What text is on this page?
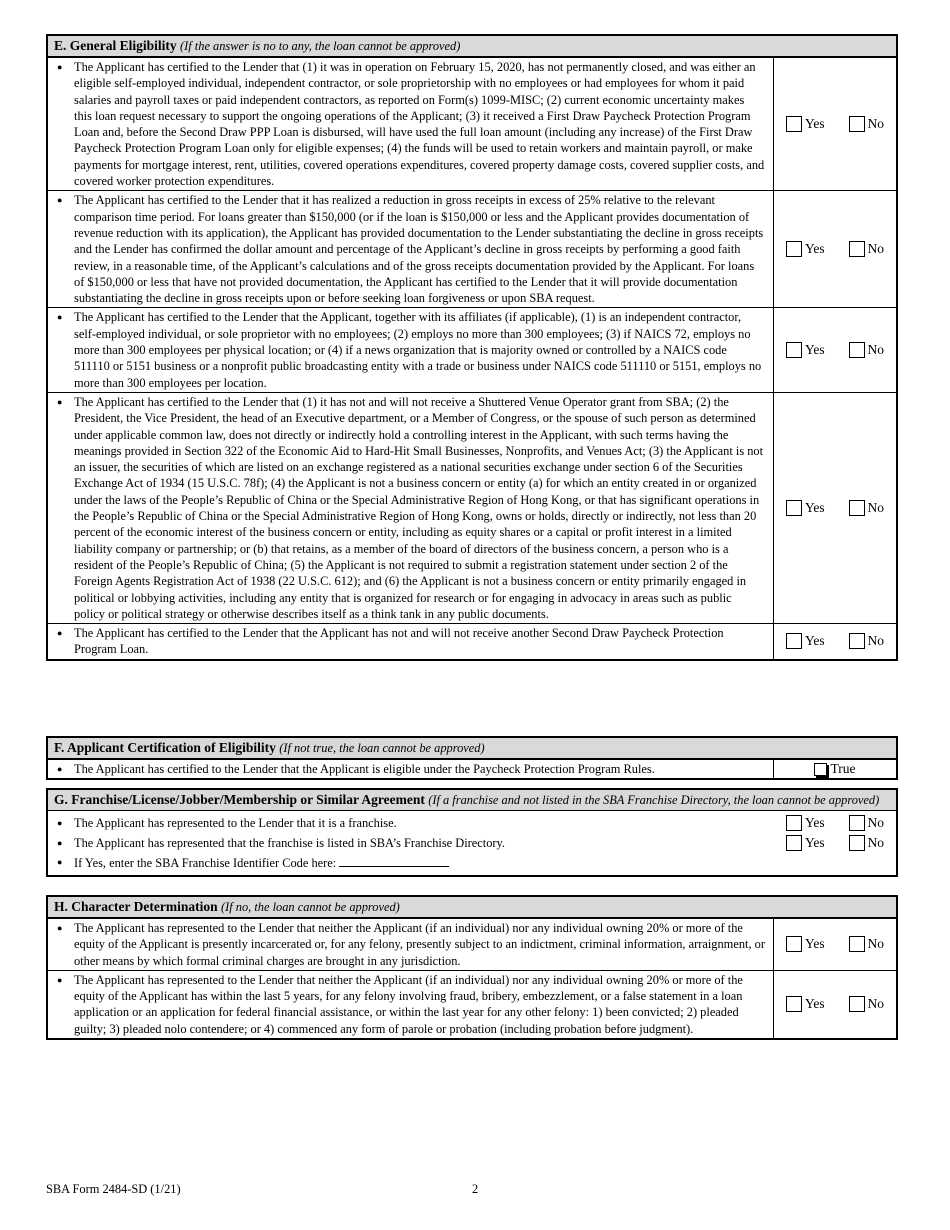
E. General Eligibility (If the answer is no to any, the loan cannot be approved)
● The Applicant has certified to the Lender that (1) it was in operation on February 15, 2020, has not permanently closed, and was either an eligible self-employed individual, independent contractor, or sole proprietorship with no employees or had employees for whom it paid salaries and payroll taxes or paid independent contractors, as reported on Form(s) 1099-MISC; (2) current economic uncertainty makes this loan request necessary to support the ongoing operations of the Applicant; (3) it received a First Draw Paycheck Protection Program Loan and, before the Second Draw PPP Loan is disbursed, will have used the full loan amount (including any increase) of the First Draw Paycheck Protection Program Loan only for eligible expenses; (4) the funds will be used to retain workers and maintain payroll, or make payments for mortgage interest, rent, utilities, covered operations expenditures, covered property damage costs, covered supplier costs, and covered worker protection expenditures.
Yes	No
● The Applicant has certified to the Lender that it has realized a reduction in gross receipts in excess of 25% relative to the relevant comparison time period. For loans greater than $150,000 (or if the loan is $150,000 or less and the Applicant provides documentation of revenue reduction with its application), the Applicant has provided documentation to the Lender substantiating the decline in gross receipts and the Lender has confirmed the dollar amount and percentage of the Applicant’s decline in gross receipts by performing a good faith review, in a reasonable time, of the Applicant’s calculations and of the gross receipts documentation provided by the Applicant. For loans of $150,000 or less that have not provided documentation, the Applicant has certified to the Lender that it will provide documentation substantiating the decline in gross receipts upon or before seeking loan forgiveness or upon SBA request.
Yes	No
● The Applicant has certified to the Lender that the Applicant, together with its affiliates (if applicable), (1) is an independent contractor, self-employed individual, or sole proprietor with no employees; (2) employs no more than 300 employees; (3) if NAICS 72, employs no more than 300 employees per physical location; or (4) if a news organization that is majority owned or controlled by a NAICS code 511110 or 5151 business or a nonprofit public broadcasting entity with a trade or business under NAICS code 511110 or 5151, employs no more than 300 employees per location.
Yes	No
● The Applicant has certified to the Lender that (1) it has not and will not receive a Shuttered Venue Operator grant from SBA; (2) the President, the Vice President, the head of an Executive department, or a Member of Congress, or the spouse of such person as determined under applicable common law, does not directly or indirectly hold a controlling interest in the Applicant, with such terms having the meanings provided in Section 322 of the Economic Aid to Hard-Hit Small Businesses, Nonprofits, and Venues Act; (3) the Applicant is not an issuer, the securities of which are listed on an exchange registered as a national securities exchange under section 6 of the Securities Exchange Act of 1934 (15 U.S.C. 78f); (4) the Applicant is not a business concern or entity (a) for which an entity created in or organized under the laws of the People’s Republic of China or the Special Administrative Region of Hong Kong, or that has significant operations in the People’s Republic of China or the Special Administrative Region of Hong Kong, owns or holds, directly or indirectly, not less than 20 percent of the economic interest of the business concern or entity, including as equity shares or a capital or profit interest in a limited liability company or partnership; or (b) that retains, as a member of the board of directors of the business concern, a person who is a resident of the People’s Republic of China; (5) the Applicant is not required to submit a registration statement under section 2 of the Foreign Agents Registration Act of 1938 (22 U.S.C. 612); and (6) the Applicant is not a business concern or entity primarily engaged in political or lobbying activities, including any entity that is organized for research or for engaging in advocacy in areas such as public policy or political strategy or otherwise describes itself as a think tank in any public documents.
Yes	No
● The Applicant has certified to the Lender that the Applicant has not and will not receive another Second Draw Paycheck Protection Program Loan.
Yes	No
F. Applicant Certification of Eligibility (If not true, the loan cannot be approved)
● The Applicant has certified to the Lender that the Applicant is eligible under the Paycheck Protection Program Rules.	True
G. Franchise/License/Jobber/Membership or Similar Agreement (If a franchise and not listed in the SBA Franchise Directory, the loan cannot be approved)
● The Applicant has represented to the Lender that it is a franchise.	Yes	No
● The Applicant has represented that the franchise is listed in SBA’s Franchise Directory.	Yes	No
● If Yes, enter the SBA Franchise Identifier Code here:
H. Character Determination (If no, the loan cannot be approved)
● The Applicant has represented to the Lender that neither the Applicant (if an individual) nor any individual owning 20% or more of the equity of the Applicant is presently incarcerated or, for any felony, presently subject to an indictment, criminal information, arraignment, or other means by which formal criminal charges are brought in any jurisdiction.
Yes	No
● The Applicant has represented to the Lender that neither the Applicant (if an individual) nor any individual owning 20% or more of the equity of the Applicant has within the last 5 years, for any felony involving fraud, bribery, embezzlement, or a false statement in a loan application or an application for federal financial assistance, or within the last year for any other felony: 1) been convicted; 2) pleaded guilty; 3) pleaded nolo contendere; or 4) commenced any form of parole or probation (including probation before judgment).
Yes	No
SBA Form 2484-SD (1/21)	2
